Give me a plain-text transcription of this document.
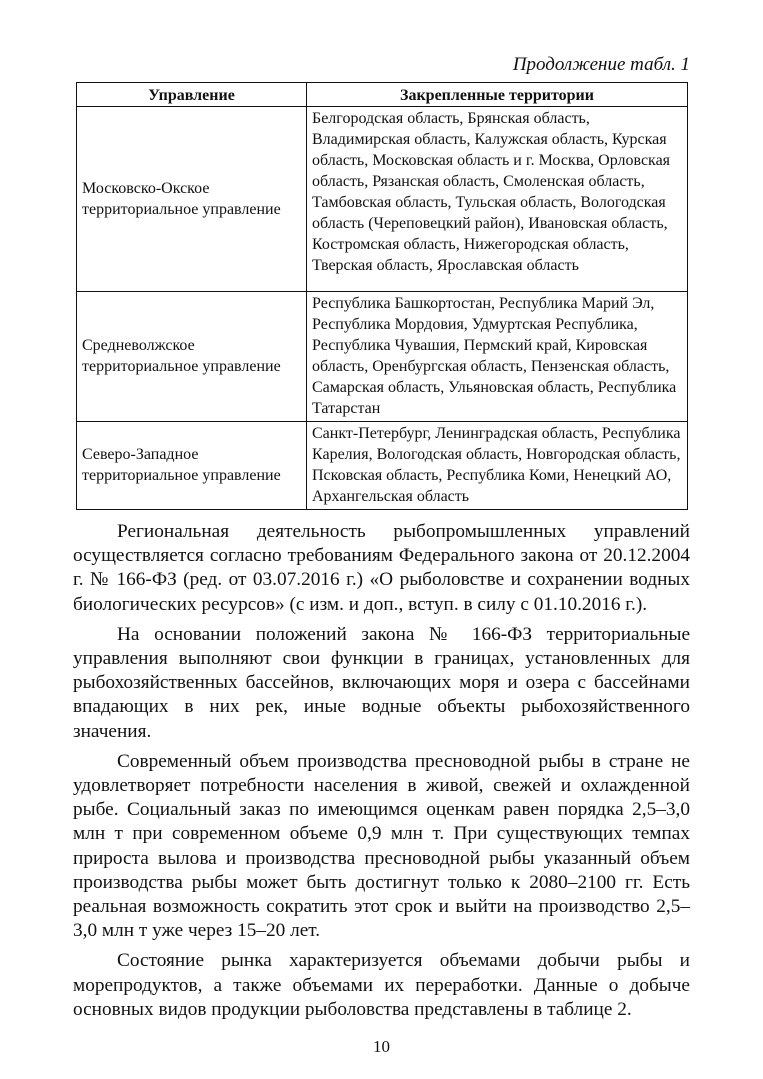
Продолжение табл. 1
Управление	Закрепленные территории
Московско-Окское территориальное управление	Белгородская область, Брянская область, Владимирская область, Калужская область, Курская область, Московская область и г. Москва, Орловская область, Рязанская область, Смоленская область, Тамбовская область, Тульская область, Вологодская область (Череповецкий район), Ивановская область, Костромская область, Нижегородская область, Тверская область, Ярославская область
Средневолжское территориальное управление	Республика Башкортостан, Республика Марий Эл, Республика Мордовия, Удмуртская Республика, Республика Чувашия, Пермский край, Кировская область, Оренбургская область, Пензенская область, Самарская область, Ульяновская область, Республика Татарстан
Северо-Западное территориальное управление	Санкт-Петербург, Ленинградская область, Республика Карелия, Вологодская область, Новгородская область, Псковская область, Республика Коми, Ненецкий АО, Архангельская область

Региональная деятельность рыбопромышленных управлений осуществляется согласно требованиям Федерального закона от 20.12.2004 г. № 166-ФЗ (ред. от 03.07.2016 г.) «О рыболовстве и сохранении водных биологических ресурсов» (с изм. и доп., вступ. в силу с 01.10.2016 г.).

На основании положений закона № 166-ФЗ территориальные управления выполняют свои функции в границах, установленных для рыбохозяйственных бассейнов, включающих моря и озера с бассейнами впадающих в них рек, иные водные объекты рыбохозяйственного значения.

Современный объем производства пресноводной рыбы в стране не удовлетворяет потребности населения в живой, свежей и охлажденной рыбе. Социальный заказ по имеющимся оценкам равен порядка 2,5–3,0 млн т при современном объеме 0,9 млн т. При существующих темпах прироста вылова и производства пресноводной рыбы указанный объем производства рыбы может быть достигнут только к 2080–2100 гг. Есть реальная возможность сократить этот срок и выйти на производство 2,5–3,0 млн т уже через 15–20 лет.

Состояние рынка характеризуется объемами добычи рыбы и морепродуктов, а также объемами их переработки. Данные о добыче основных видов продукции рыболовства представлены в таблице 2.

10
